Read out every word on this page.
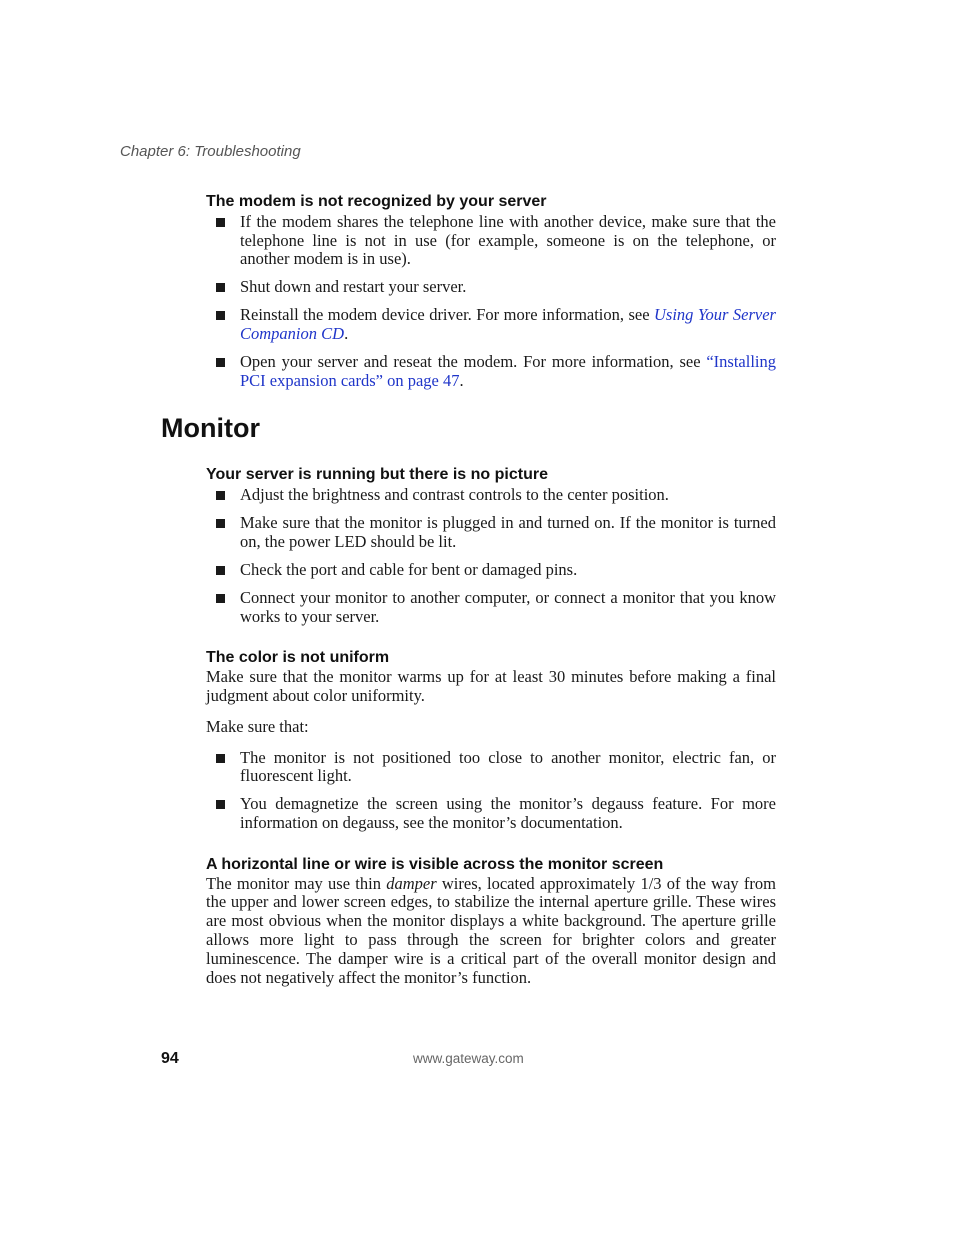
Chapter 6: Troubleshooting

The modem is not recognized by your server
If the modem shares the telephone line with another device, make sure that the telephone line is not in use (for example, someone is on the telephone, or another modem is in use).
Shut down and restart your server.
Reinstall the modem device driver. For more information, see Using Your Server Companion CD.
Open your server and reseat the modem. For more information, see “Installing PCI expansion cards” on page 47.
Monitor
Your server is running but there is no picture
Adjust the brightness and contrast controls to the center position.
Make sure that the monitor is plugged in and turned on. If the monitor is turned on, the power LED should be lit.
Check the port and cable for bent or damaged pins.
Connect your monitor to another computer, or connect a monitor that you know works to your server.
The color is not uniform

Make sure that the monitor warms up for at least 30 minutes before making a final judgment about color uniformity.

Make sure that:

The monitor is not positioned too close to another monitor, electric fan, or fluorescent light.
You demagnetize the screen using the monitor’s degauss feature. For more information on degauss, see the monitor’s documentation.
A horizontal line or wire is visible across the monitor screen

The monitor may use thin damper wires, located approximately 1/3 of the way from the upper and lower screen edges, to stabilize the internal aperture grille. These wires are most obvious when the monitor displays a white background. The aperture grille allows more light to pass through the screen for brighter colors and greater luminescence. The damper wire is a critical part of the overall monitor design and does not negatively affect the monitor’s function.

94	www.gateway.com
